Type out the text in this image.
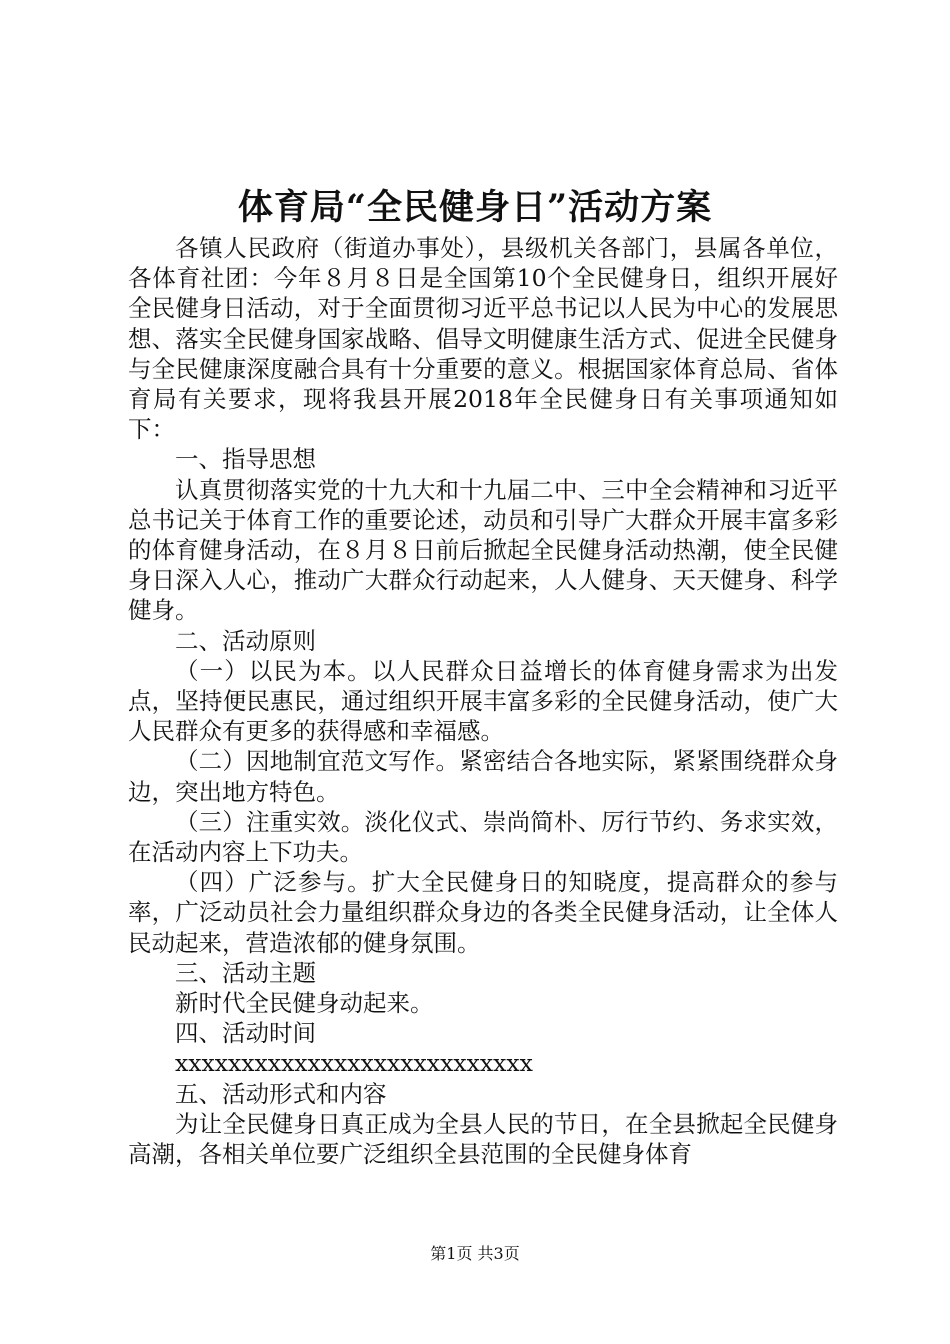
体育局“全民健身日”活动方案

各镇人民政府（街道办事处），县级机关各部门，县属各单位，各体育社团：今年８月８日是全国第10个全民健身日，组织开展好全民健身日活动，对于全面贯彻习近平总书记以人民为中心的发展思想、落实全民健身国家战略、倡导文明健康生活方式、促进全民健身与全民健康深度融合具有十分重要的意义。根据国家体育总局、省体育局有关要求，现将我县开展2018年全民健身日有关事项通知如下：

一、指导思想

认真贯彻落实党的十九大和十九届二中、三中全会精神和习近平总书记关于体育工作的重要论述，动员和引导广大群众开展丰富多彩的体育健身活动，在８月８日前后掀起全民健身活动热潮，使全民健身日深入人心，推动广大群众行动起来，人人健身、天天健身、科学健身。

二、活动原则

（一）以民为本。以人民群众日益增长的体育健身需求为出发点，坚持便民惠民，通过组织开展丰富多彩的全民健身活动，使广大人民群众有更多的获得感和幸福感。

（二）因地制宜范文写作。紧密结合各地实际，紧紧围绕群众身边，突出地方特色。

（三）注重实效。淡化仪式、崇尚简朴、厉行节约、务求实效，在活动内容上下功夫。

（四）广泛参与。扩大全民健身日的知晓度，提高群众的参与率，广泛动员社会力量组织群众身边的各类全民健身活动，让全体人民动起来，营造浓郁的健身氛围。

三、活动主题

新时代全民健身动起来。

四、活动时间

xxxxxxxxxxxxxxxxxxxxxxxxxxx

五、活动形式和内容

为让全民健身日真正成为全县人民的节日，在全县掀起全民健身高潮，各相关单位要广泛组织全县范围的全民健身体育

第1页 共3页
